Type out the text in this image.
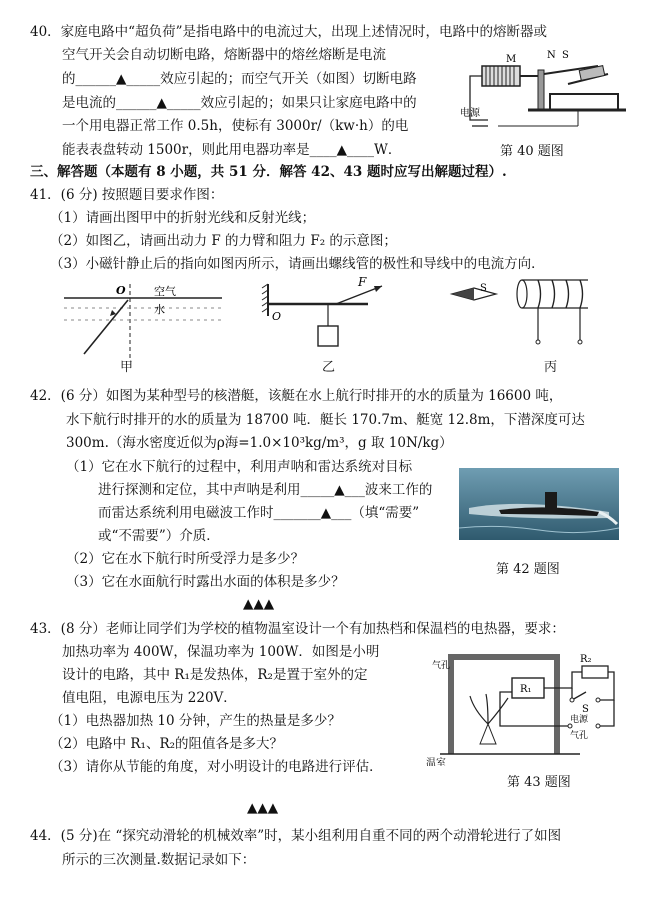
40．家庭电路中“超负荷”是指电路中的电流过大，出现上述情况时，电路中的熔断器或
空气开关会自动切断电路，熔断器中的熔丝熔断是电流
的______▲_____效应引起的；而空气开关（如图）切断电路
是电流的______▲_____效应引起的；如果只让家庭电路中的
一个用电器正常工作 0.5h，使标有 3000r/（kw·h）的电
能表表盘转动 1500r，则此用电器功率是____▲____W．
M	N S
电源
第 40 题图
三、解答题（本题有 8 小题，共 51 分．解答 42、43 题时应写出解题过程）.
41．(6 分) 按照题目要求作图：
（1）请画出图甲中的折射光线和反射光线；
（2）如图乙，请画出动力 F 的力臂和阻力 F₂ 的示意图；
（3）小磁针静止后的指向如图丙所示，请画出螺线管的极性和导线中的电流方向．
O	空气
水
甲
F
O
乙
S
丙
42．(6 分）如图为某种型号的核潜艇，该艇在水上航行时排开的水的质量为 16600 吨，
水下航行时排开的水的质量为 18700 吨．艇长 170.7m、艇宽 12.8m，下潜深度可达
300m.（海水密度近似为ρ海=1.0×10³kg/m³，g 取 10N/kg）
（1）它在水下航行的过程中，利用声呐和雷达系统对目标
进行探测和定位，其中声呐是利用_____▲___波来工作的
而雷达系统利用电磁波工作时_______▲___（填“需要”
或“不需要”）介质．
（2）它在水下航行时所受浮力是多少？
（3）它在水面航行时露出水面的体积是多少？
第 42 题图
▲▲▲
43．(8 分）老师让同学们为学校的植物温室设计一个有加热档和保温档的电热器，要求：
加热功率为 400W，保温功率为 100W．如图是小明
设计的电路，其中 R₁是发热体，R₂是置于室外的定
值电阻，电源电压为 220V．
（1）电热器加热 10 分钟，产生的热量是多少？
（2）电路中 R₁、R₂的阻值各是多大？
（3）请你从节能的角度，对小明设计的电路进行评估．
气孔
气孔
温室
R₁
R₂
S
电源
第 43 题图
▲▲▲
44．(5 分)在 “探究动滑轮的机械效率”时，某小组利用自重不同的两个动滑轮进行了如图
所示的三次测量.数据记录如下：
